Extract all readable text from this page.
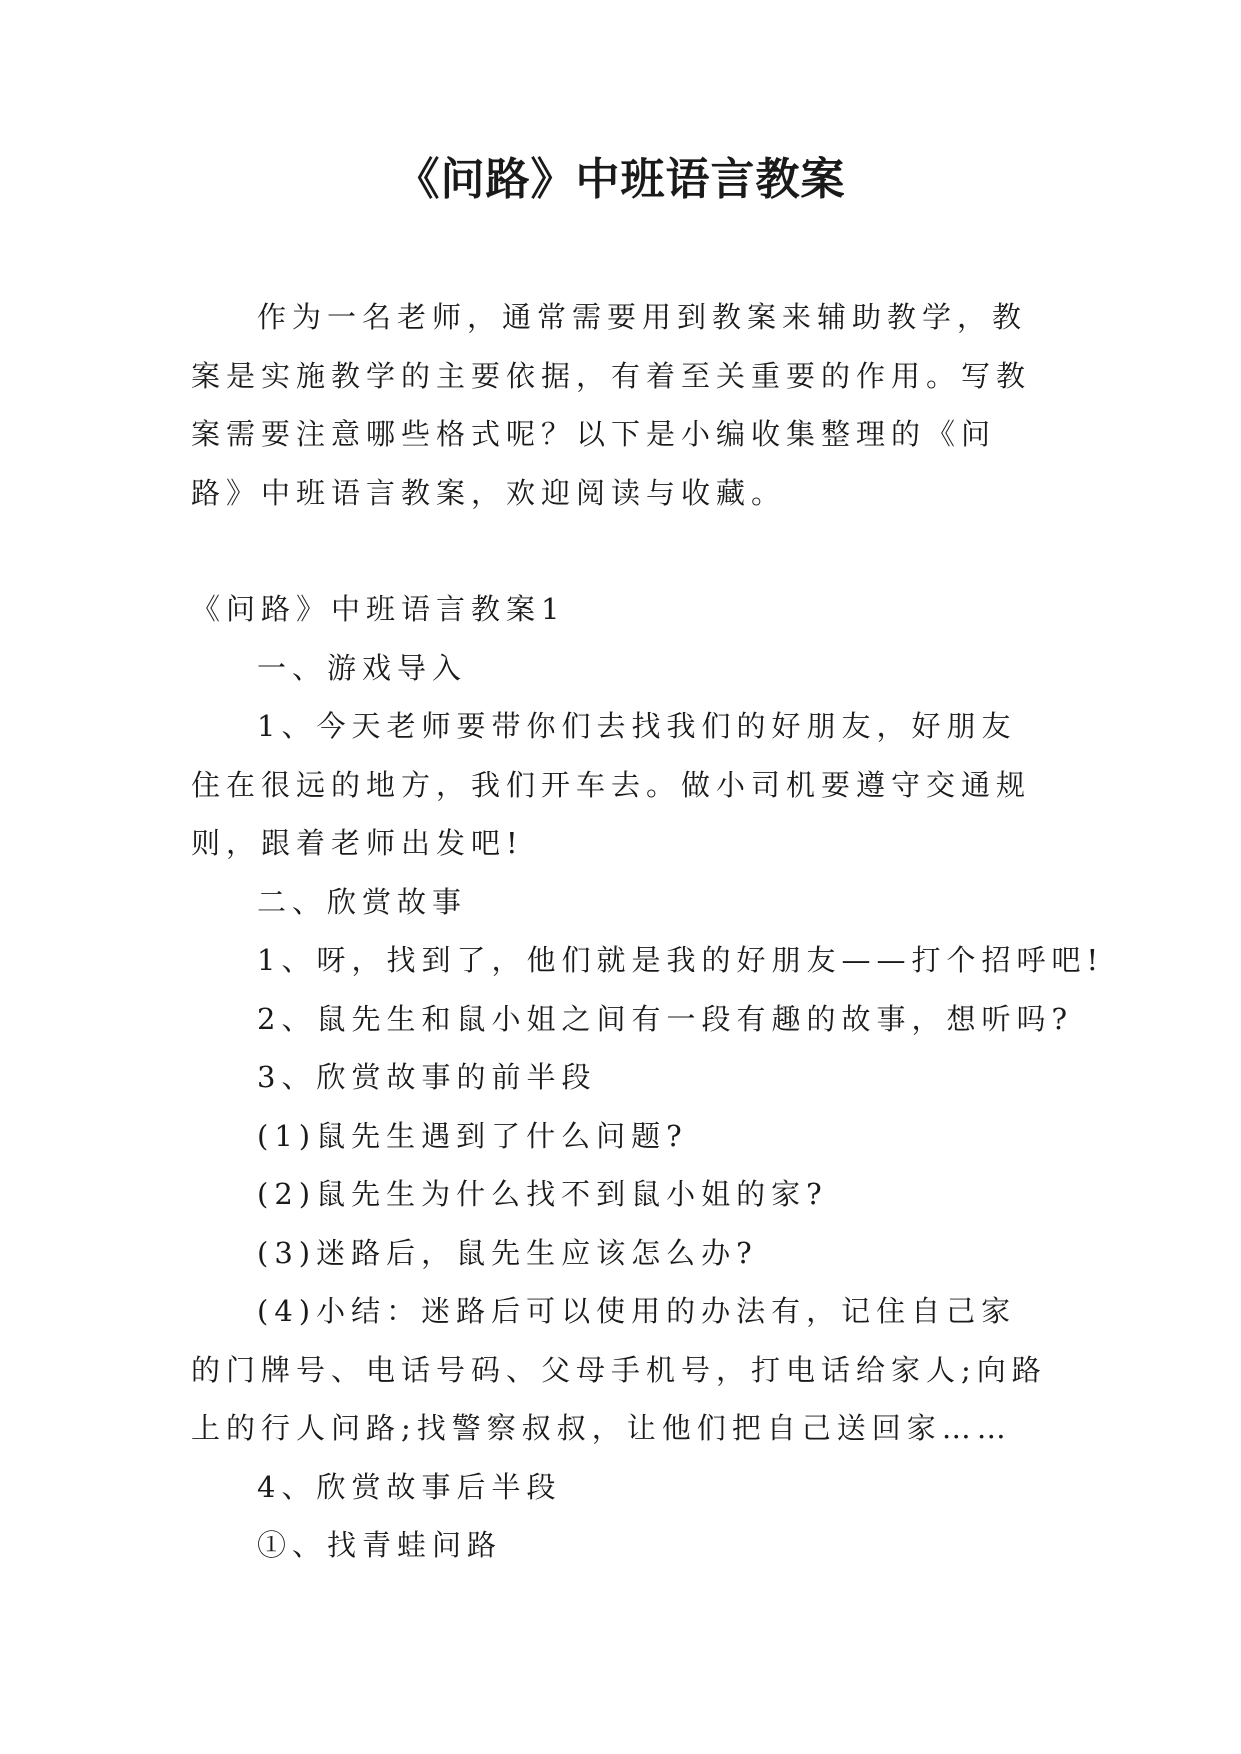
《问路》中班语言教案

作为一名老师，通常需要用到教案来辅助教学，教案是实施教学的主要依据，有着至关重要的作用。写教案需要注意哪些格式呢？以下是小编收集整理的《问路》中班语言教案，欢迎阅读与收藏。

《问路》中班语言教案1

一、游戏导入

1、今天老师要带你们去找我们的好朋友，好朋友住在很远的地方，我们开车去。做小司机要遵守交通规则，跟着老师出发吧!

二、欣赏故事

1、呀，找到了，他们就是我的好朋友——打个招呼吧!

2、鼠先生和鼠小姐之间有一段有趣的故事，想听吗?

3、欣赏故事的前半段

(1)鼠先生遇到了什么问题?

(2)鼠先生为什么找不到鼠小姐的家?

(3)迷路后，鼠先生应该怎么办?

(4)小结：迷路后可以使用的办法有，记住自己家的门牌号、电话号码、父母手机号，打电话给家人;向路上的行人问路;找警察叔叔，让他们把自己送回家……

4、欣赏故事后半段

①、找青蛙问路
